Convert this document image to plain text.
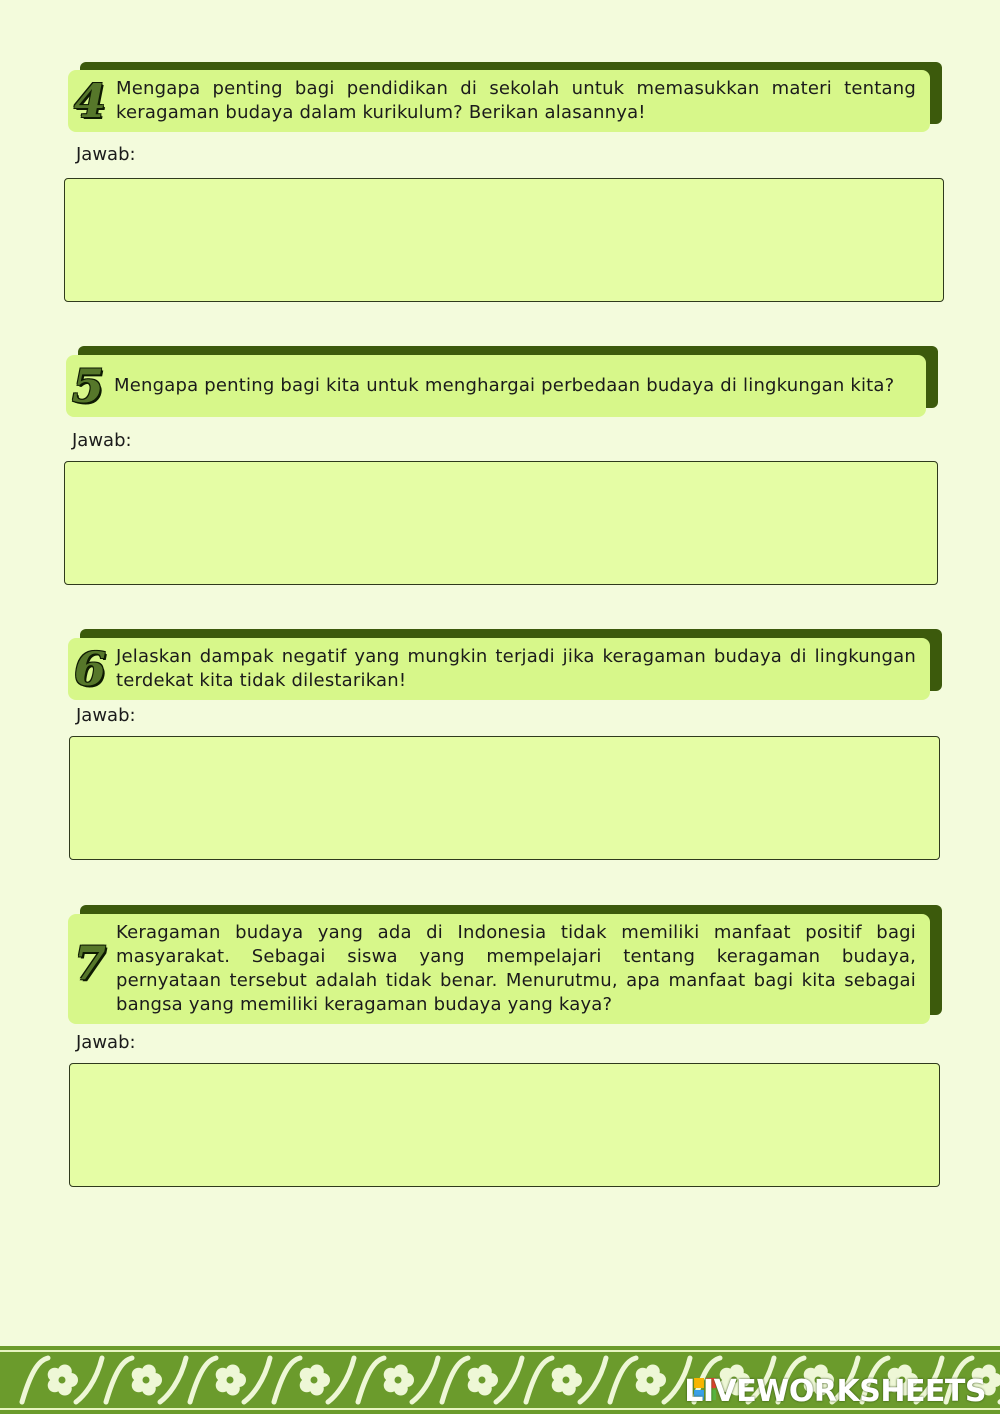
4 Mengapa penting bagi pendidikan di sekolah untuk memasukkan materi tentang keragaman budaya dalam kurikulum? Berikan alasannya!
Jawab:
5 Mengapa penting bagi kita untuk menghargai perbedaan budaya di lingkungan kita?
Jawab:
6 Jelaskan dampak negatif yang mungkin terjadi jika keragaman budaya di lingkungan terdekat kita tidak dilestarikan!
Jawab:
7
Keragaman budaya yang ada di Indonesia tidak memiliki manfaat positif bagi masyarakat. Sebagai siswa yang mempelajari tentang keragaman budaya, pernyataan tersebut adalah tidak benar. Menurutmu, apa manfaat bagi kita sebagai bangsa yang memiliki keragaman budaya yang kaya?
Jawab:
LIVEWORKSHEETS
